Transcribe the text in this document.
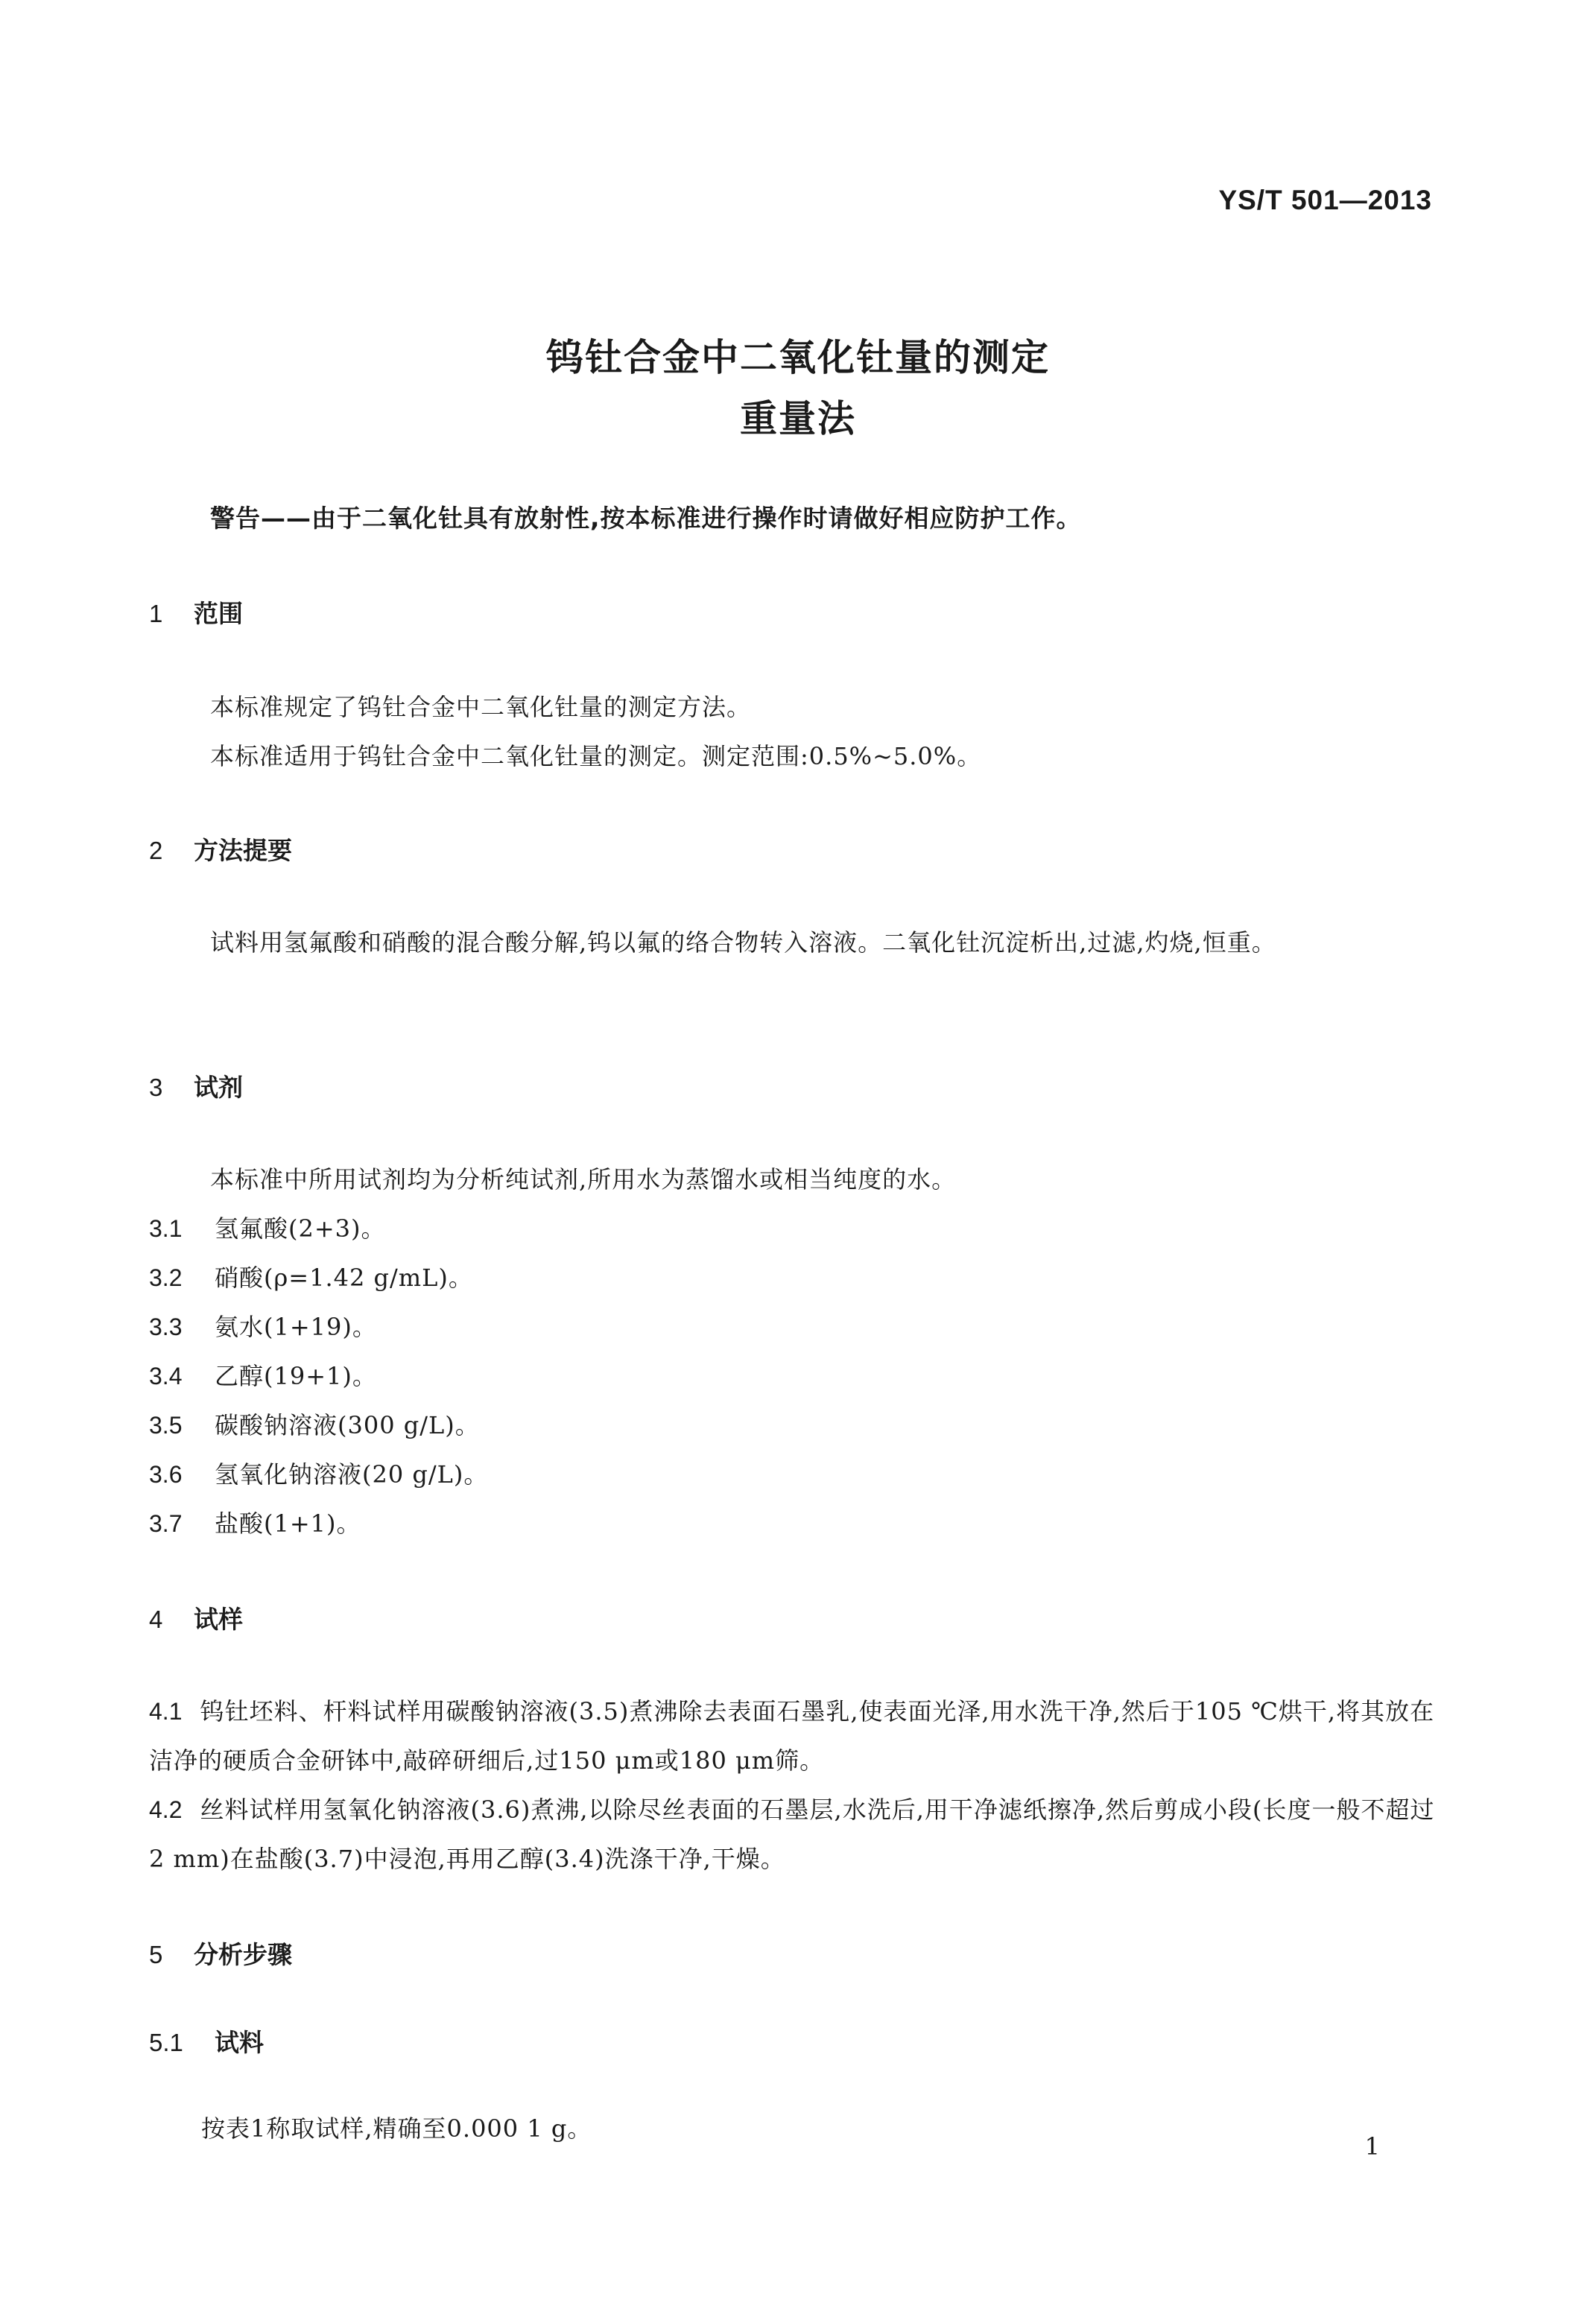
YS/T 501—2013
钨钍合金中二氧化钍量的测定
重量法
警告——由于二氧化钍具有放射性,按本标准进行操作时请做好相应防护工作。
1 范围
本标准规定了钨钍合金中二氧化钍量的测定方法。
本标准适用于钨钍合金中二氧化钍量的测定。测定范围:0.5%~5.0%。
2 方法提要
试料用氢氟酸和硝酸的混合酸分解,钨以氟的络合物转入溶液。二氧化钍沉淀析出,过滤,灼烧,恒重。
3 试剂
本标准中所用试剂均为分析纯试剂,所用水为蒸馏水或相当纯度的水。
3.1 氢氟酸(2+3)。
3.2 硝酸(ρ=1.42 g/mL)。
3.3 氨水(1+19)。
3.4 乙醇(19+1)。
3.5 碳酸钠溶液(300 g/L)。
3.6 氢氧化钠溶液(20 g/L)。
3.7 盐酸(1+1)。
4 试样
4.1 钨钍坯料、杆料试样用碳酸钠溶液(3.5)煮沸除去表面石墨乳,使表面光泽,用水洗干净,然后于105 ℃烘干,将其放在洁净的硬质合金研钵中,敲碎研细后,过150 μm或180 μm筛。
4.2 丝料试样用氢氧化钠溶液(3.6)煮沸,以除尽丝表面的石墨层,水洗后,用干净滤纸擦净,然后剪成小段(长度一般不超过2 mm)在盐酸(3.7)中浸泡,再用乙醇(3.4)洗涤干净,干燥。
5 分析步骤
5.1 试料
按表1称取试样,精确至0.000 1 g。
1
